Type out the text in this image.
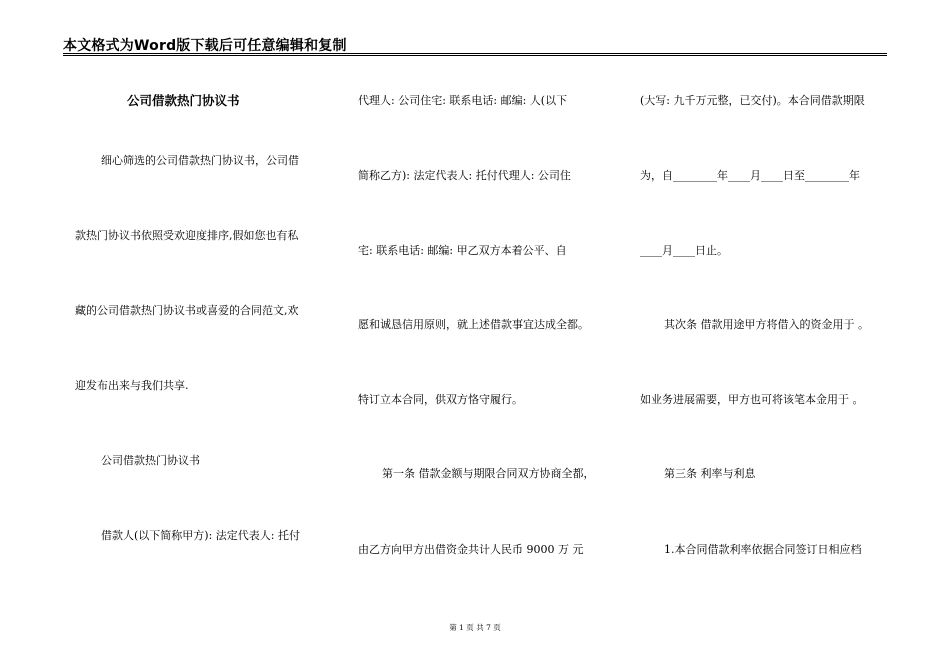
本文格式为Word版下载后可任意编辑和复制
公司借款热门协议书
细心筛选的公司借款热门协议书，公司借
款热门协议书依照受欢迎度排序,假如您也有私
藏的公司借款热门协议书或喜爱的合同范文,欢
迎发布出来与我们共享.
公司借款热门协议书
借款人(以下简称甲方): 法定代表人: 托付
代理人: 公司住宅: 联系电话: 邮编: 人(以下
简称乙方): 法定代表人: 托付代理人: 公司住
宅: 联系电话: 邮编: 甲乙双方本着公平、自
愿和诚恳信用原则，就上述借款事宜达成全都。
特订立本合同，供双方恪守履行。
第一条 借款金额与期限合同双方协商全都，
由乙方向甲方出借资金共计人民币 9000 万 元
(大写: 九千万元整，已交付)。本合同借款期限
为，自________年____月____日至________年
____月____日止。
其次条 借款用途甲方将借入的资金用于 。
如业务进展需要，甲方也可将该笔本金用于 。
第三条 利率与利息
1.本合同借款利率依据合同签订日相应档
第 1 页 共 7 页
